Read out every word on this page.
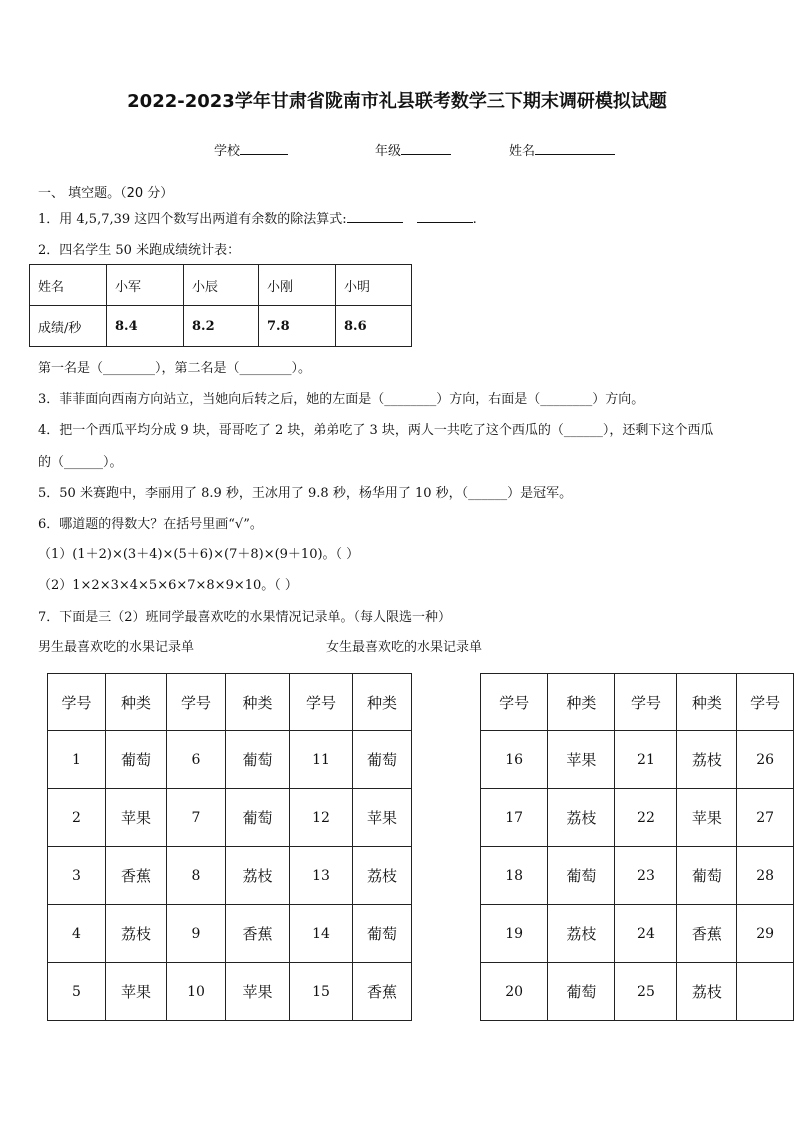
2022-2023学年甘肃省陇南市礼县联考数学三下期末调研模拟试题
学校	年级	姓名
一、 填空题。（20 分）
1．用 4,5,7,39 这四个数写出两道有余数的除法算式:	.
2．四名学生 50 米跑成绩统计表：
姓名	小军	小辰	小刚	小明
成绩/秒	8.4	8.2	7.8	8.6
第一名是（________），第二名是（________）。
3．菲菲面向西南方向站立，当她向后转之后，她的左面是（________）方向，右面是（________）方向。
4．把一个西瓜平均分成 9 块，哥哥吃了 2 块，弟弟吃了 3 块，两人一共吃了这个西瓜的（______），还剩下这个西瓜
的（______）。
5．50 米赛跑中，李丽用了 8.9 秒，王冰用了 9.8 秒，杨华用了 10 秒，（______）是冠军。
6．哪道题的得数大？在括号里画“√”。
（1）(1＋2)×(3＋4)×(5＋6)×(7＋8)×(9＋10)。（ ）
（2）1×2×3×4×5×6×7×8×9×10。（ ）
7．下面是三（2）班同学最喜欢吃的水果情况记录单。（每人限选一种）
男生最喜欢吃的水果记录单	女生最喜欢吃的水果记录单
学号	种类	学号	种类	学号	种类
1	葡萄	6	葡萄	11	葡萄
2	苹果	7	葡萄	12	苹果
3	香蕉	8	荔枝	13	荔枝
4	荔枝	9	香蕉	14	葡萄
5	苹果	10	苹果	15	香蕉
学号	种类	学号	种类	学号
16	苹果	21	荔枝	26
17	荔枝	22	苹果	27
18	葡萄	23	葡萄	28
19	荔枝	24	香蕉	29
20	葡萄	25	荔枝	
